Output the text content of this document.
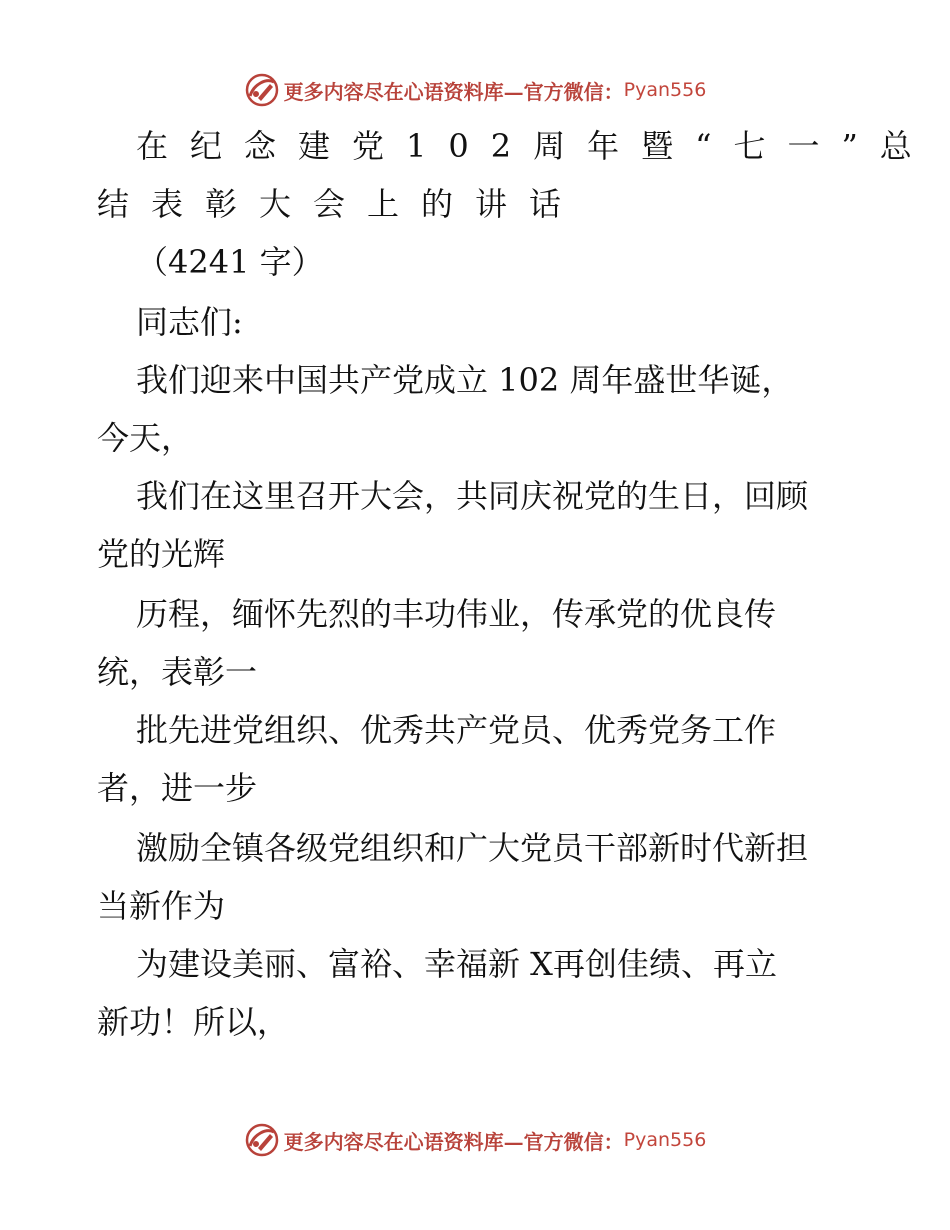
更多内容尽在心语资料库—官方微信： Pyan556
在纪念建党102周年暨“七一”总
结表彰大会上的讲话
（4241 字）
同志们:
我们迎来中国共产党成立 102 周年盛世华诞，
今天，
我们在这里召开大会，共同庆祝党的生日，回顾
党的光辉
历程，缅怀先烈的丰功伟业，传承党的优良传
统，表彰一
批先进党组织、优秀共产党员、优秀党务工作
者，进一步
激励全镇各级党组织和广大党员干部新时代新担
当新作为
为建设美丽、富裕、幸福新 X再创佳绩、再立
新功！所以，
更多内容尽在心语资料库—官方微信： Pyan556
